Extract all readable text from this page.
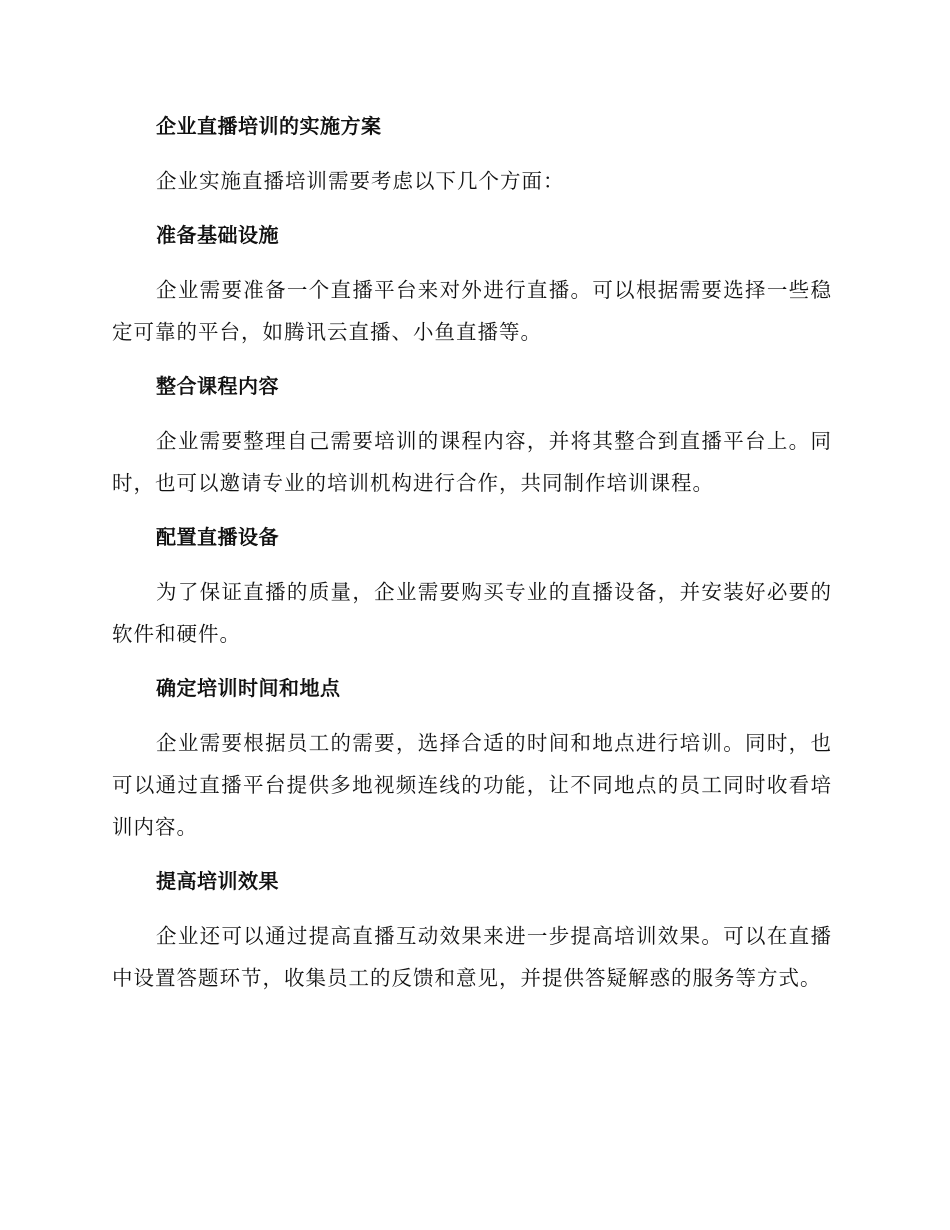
企业直播培训的实施方案
企业实施直播培训需要考虑以下几个方面：
准备基础设施
企业需要准备一个直播平台来对外进行直播。可以根据需要选择一些稳定可靠的平台，如腾讯云直播、小鱼直播等。
整合课程内容
企业需要整理自己需要培训的课程内容，并将其整合到直播平台上。同时，也可以邀请专业的培训机构进行合作，共同制作培训课程。
配置直播设备
为了保证直播的质量，企业需要购买专业的直播设备，并安装好必要的软件和硬件。
确定培训时间和地点
企业需要根据员工的需要，选择合适的时间和地点进行培训。同时，也可以通过直播平台提供多地视频连线的功能，让不同地点的员工同时收看培训内容。
提高培训效果
企业还可以通过提高直播互动效果来进一步提高培训效果。可以在直播中设置答题环节，收集员工的反馈和意见，并提供答疑解惑的服务等方式。
